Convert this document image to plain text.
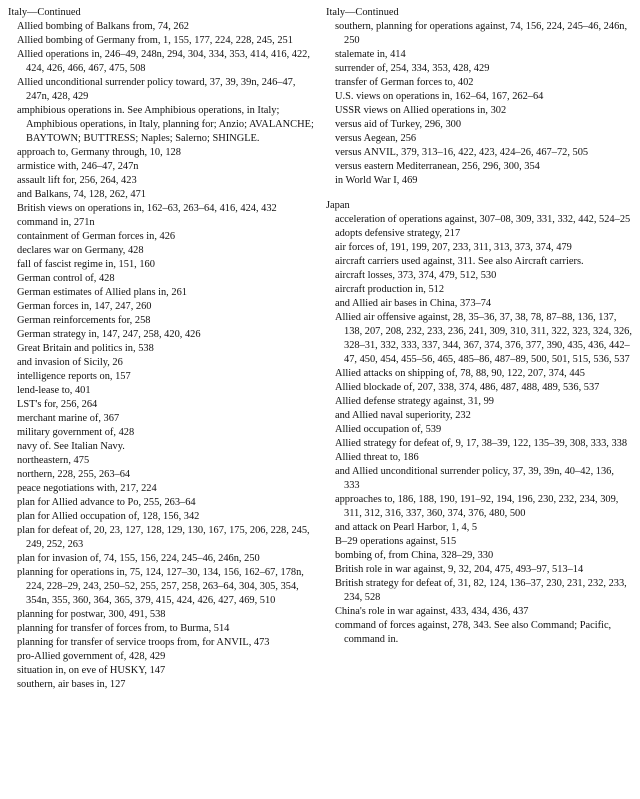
Italy—Continued
Allied bombing of Balkans from, 74, 262
Allied bombing of Germany from, 1, 155, 177, 224, 228, 245, 251
Allied operations in, 246–49, 248n, 294, 304, 334, 353, 414, 416, 422, 424, 426, 466, 467, 475, 508
Allied unconditional surrender policy toward, 37, 39, 39n, 246–47, 247n, 428, 429
amphibious operations in. See Amphibious operations, in Italy; Amphibious operations, in Italy, planning for; Anzio; AVALANCHE; BAYTOWN; BUTTRESS; Naples; Salerno; SHINGLE.
approach to, Germany through, 10, 128
armistice with, 246–47, 247n
assault lift for, 256, 264, 423
and Balkans, 74, 128, 262, 471
British views on operations in, 162–63, 263–64, 416, 424, 432
command in, 271n
containment of German forces in, 426
declares war on Germany, 428
fall of fascist regime in, 151, 160
German control of, 428
German estimates of Allied plans in, 261
German forces in, 147, 247, 260
German reinforcements for, 258
German strategy in, 147, 247, 258, 420, 426
Great Britain and politics in, 538
and invasion of Sicily, 26
intelligence reports on, 157
lend-lease to, 401
LST's for, 256, 264
merchant marine of, 367
military government of, 428
navy of. See Italian Navy.
northeastern, 475
northern, 228, 255, 263–64
peace negotiations with, 217, 224
plan for Allied advance to Po, 255, 263–64
plan for Allied occupation of, 128, 156, 342
plan for defeat of, 20, 23, 127, 128, 129, 130, 167, 175, 206, 228, 245, 249, 252, 263
plan for invasion of, 74, 155, 156, 224, 245–46, 246n, 250
planning for operations in, 75, 124, 127–30, 134, 156, 162–67, 178n, 224, 228–29, 243, 250–52, 255, 257, 258, 263–64, 304, 305, 354, 354n, 355, 360, 364, 365, 379, 415, 424, 426, 427, 469, 510
planning for postwar, 300, 491, 538
planning for transfer of forces from, to Burma, 514
planning for transfer of service troops from, for ANVIL, 473
pro-Allied government of, 428, 429
situation in, on eve of HUSKY, 147
southern, air bases in, 127
Italy—Continued
southern, planning for operations against, 74, 156, 224, 245–46, 246n, 250
stalemate in, 414
surrender of, 254, 334, 353, 428, 429
transfer of German forces to, 402
U.S. views on operations in, 162–64, 167, 262–64
USSR views on Allied operations in, 302
versus aid of Turkey, 296, 300
versus Aegean, 256
versus ANVIL, 379, 313–16, 422, 423, 424–26, 467–72, 505
versus eastern Mediterranean, 256, 296, 300, 354
in World War I, 469
Japan
acceleration of operations against, 307–08, 309, 331, 332, 442, 524–25
adopts defensive strategy, 217
air forces of, 191, 199, 207, 233, 311, 313, 373, 374, 479
aircraft carriers used against, 311. See also Aircraft carriers.
aircraft losses, 373, 374, 479, 512, 530
aircraft production in, 512
and Allied air bases in China, 373–74
Allied air offensive against, 28, 35–36, 37, 38, 78, 87–88, 136, 137, 138, 207, 208, 232, 233, 236, 241, 309, 310, 311, 322, 323, 324, 326, 328–31, 332, 333, 337, 344, 367, 374, 376, 377, 390, 435, 436, 442–47, 450, 454, 455–56, 465, 485–86, 487–89, 500, 501, 515, 536, 537
Allied attacks on shipping of, 78, 88, 90, 122, 207, 374, 445
Allied blockade of, 207, 338, 374, 486, 487, 488, 489, 536, 537
Allied defense strategy against, 31, 99
and Allied naval superiority, 232
Allied occupation of, 539
Allied strategy for defeat of, 9, 17, 38–39, 122, 135–39, 308, 333, 338
Allied threat to, 186
and Allied unconditional surrender policy, 37, 39, 39n, 40–42, 136, 333
approaches to, 186, 188, 190, 191–92, 194, 196, 230, 232, 234, 309, 311, 312, 316, 337, 360, 374, 376, 480, 500
and attack on Pearl Harbor, 1, 4, 5
B–29 operations against, 515
bombing of, from China, 328–29, 330
British role in war against, 9, 32, 204, 475, 493–97, 513–14
British strategy for defeat of, 31, 82, 124, 136–37, 230, 231, 232, 233, 234, 528
China's role in war against, 433, 434, 436, 437
command of forces against, 278, 343. See also Command; Pacific, command in.
